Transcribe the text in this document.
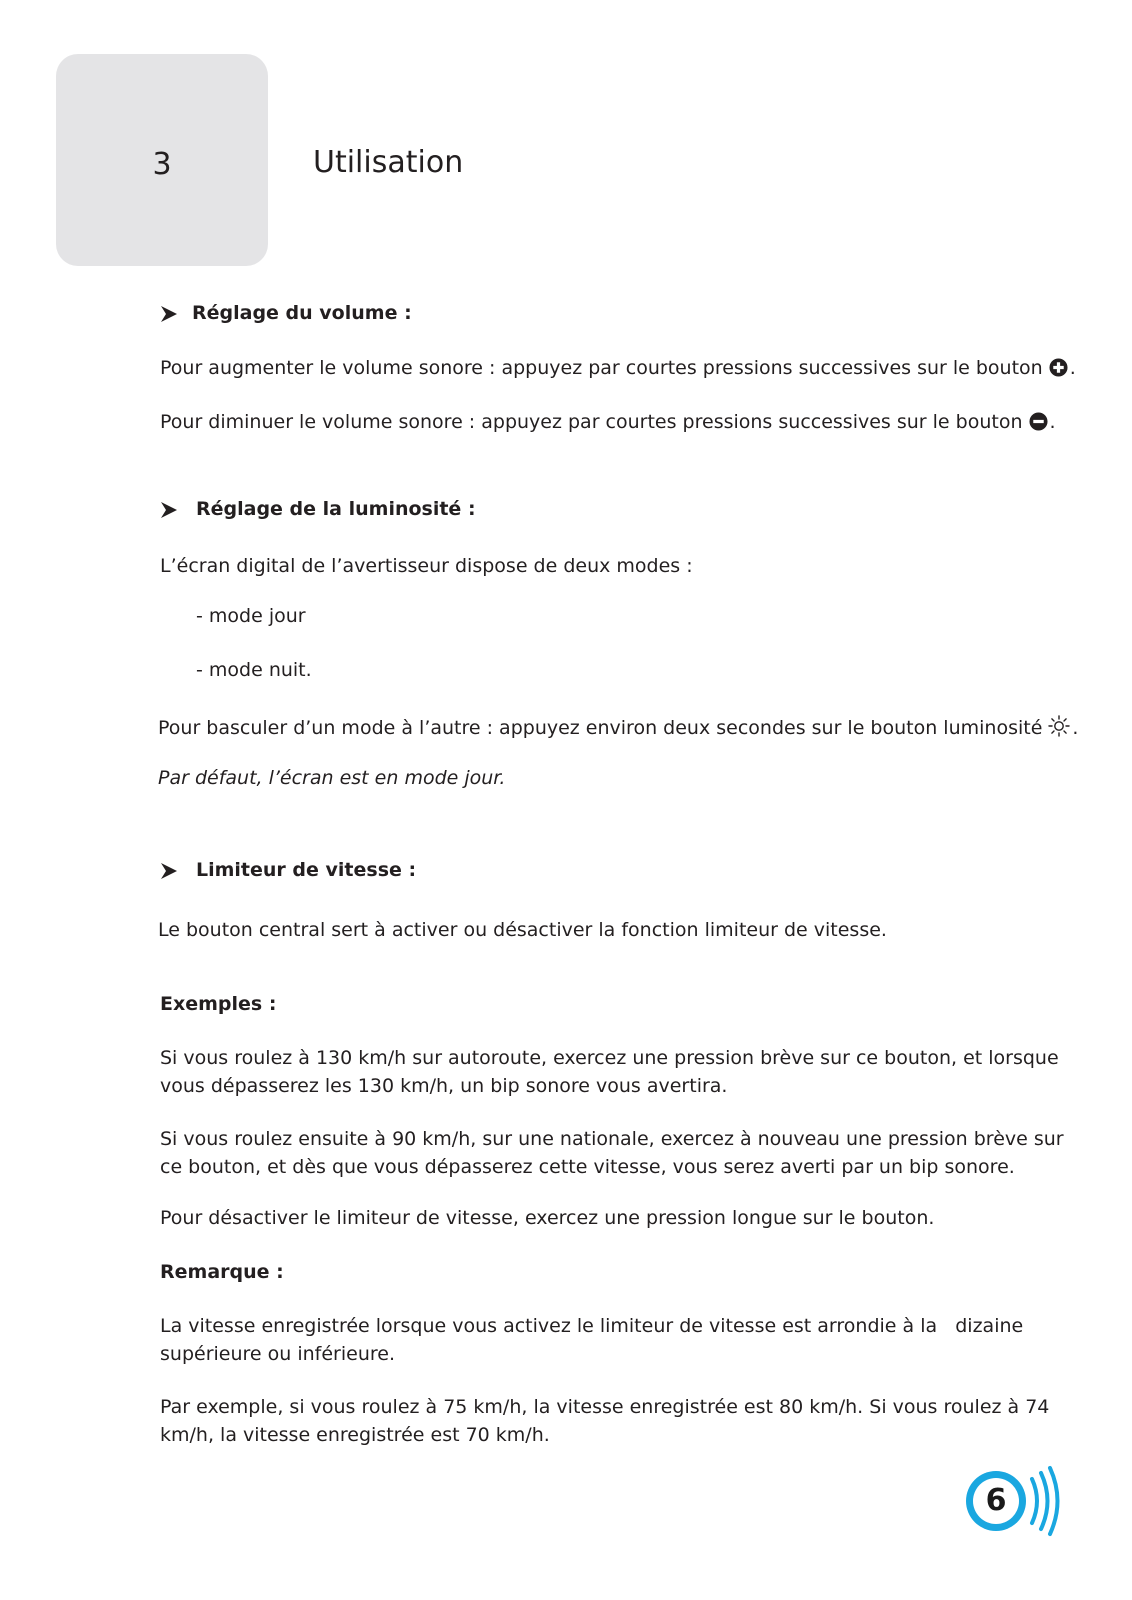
3	Utilisation
Réglage du volume :
Pour augmenter le volume sonore : appuyez par courtes pressions successives sur le bouton .
Pour diminuer le volume sonore : appuyez par courtes pressions successives sur le bouton .
Réglage de la luminosité :
L’écran digital de l’avertisseur dispose de deux modes :
- mode jour
- mode nuit.
Pour basculer d’un mode à l’autre : appuyez environ deux secondes sur le bouton luminosité .
Par défaut, l’écran est en mode jour.
Limiteur de vitesse :
Le bouton central sert à activer ou désactiver la fonction limiteur de vitesse.
Exemples :
Si vous roulez à 130 km/h sur autoroute, exercez une pression brève sur ce bouton, et lorsque vous dépasserez les 130 km/h, un bip sonore vous avertira.
Si vous roulez ensuite à 90 km/h, sur une nationale, exercez à nouveau une pression brève sur ce bouton, et dès que vous dépasserez cette vitesse, vous serez averti par un bip sonore.
Pour désactiver le limiteur de vitesse, exercez une pression longue sur le bouton.
Remarque :
La vitesse enregistrée lorsque vous activez le limiteur de vitesse est arrondie à la   dizaine supérieure ou inférieure.
Par exemple, si vous roulez à 75 km/h, la vitesse enregistrée est 80 km/h. Si vous roulez à 74 km/h, la vitesse enregistrée est 70 km/h.
6
